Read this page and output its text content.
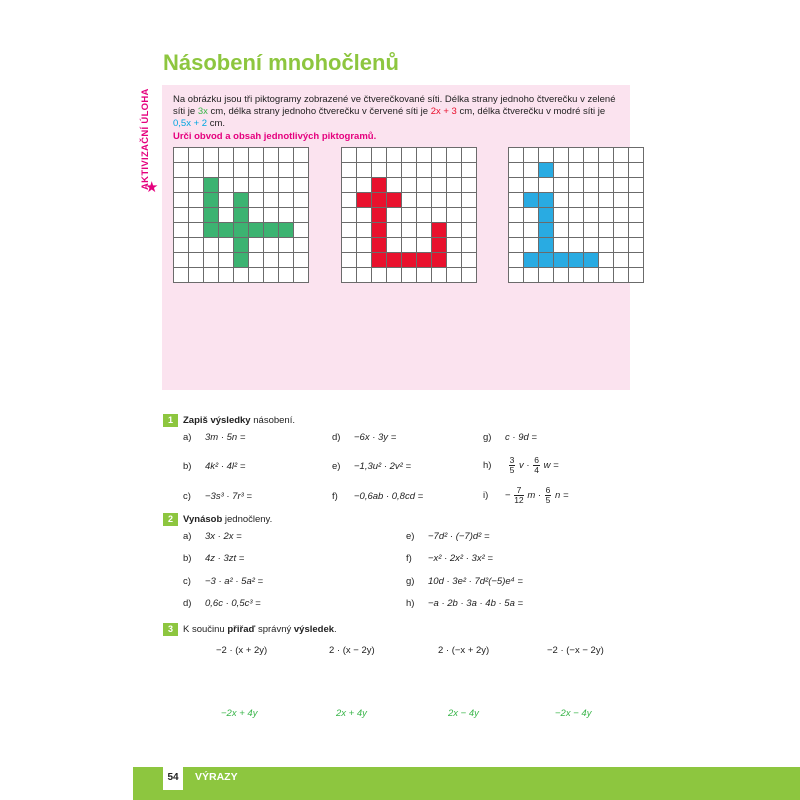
Násobení mnohočlenů
AKTIVIZAČNÍ ÚLOHA
★
Na obrázku jsou tři piktogramy zobrazené ve čtverečkované síti. Délka strany jednoho čtverečku v zelené síti je 3x cm, délka strany jednoho čtverečku v červené síti je 2x + 3 cm, délka čtverečku v modré síti je 0,5x + 2 cm.
Urči obvod a obsah jednotlivých piktogramů.

1	Zapiš výsledky násobení.
a) 3m · 5n =
b) 4k² · 4l² =
c) −3s³ · 7r³ =
d) −6x · 3y =
e) −1,3u² · 2v² =
f) −0,6ab · 0,8cd =
g) c · 9d =
$h) \frac{3}{5}$ $v \cdot \frac{6}{4}$ w =
$i) - \frac{7}{12}$ $m \cdot \frac{6}{5}$ n =
2	Vynásob jednočleny.
a) 3x · 2x =
b) 4z · 3zt =
c) −3 · a² · 5a² =
d) 0,6c · 0,5c³ =
e) −7d² · (−7)d² =
f) −x² · 2x² · 3x² =
g) 10d · 3e² · 7d²(−5)e⁴ =
h) −a · 2b · 3a · 4b · 5a =
3	K součinu přiřaď správný výsledek.
−2 · (x + 2y)	2 · (x − 2y)	2 · (−x + 2y)	−2 · (−x − 2y)
−2x + 4y	2x + 4y	2x − 4y	−2x − 4y
54	VÝRAZY
